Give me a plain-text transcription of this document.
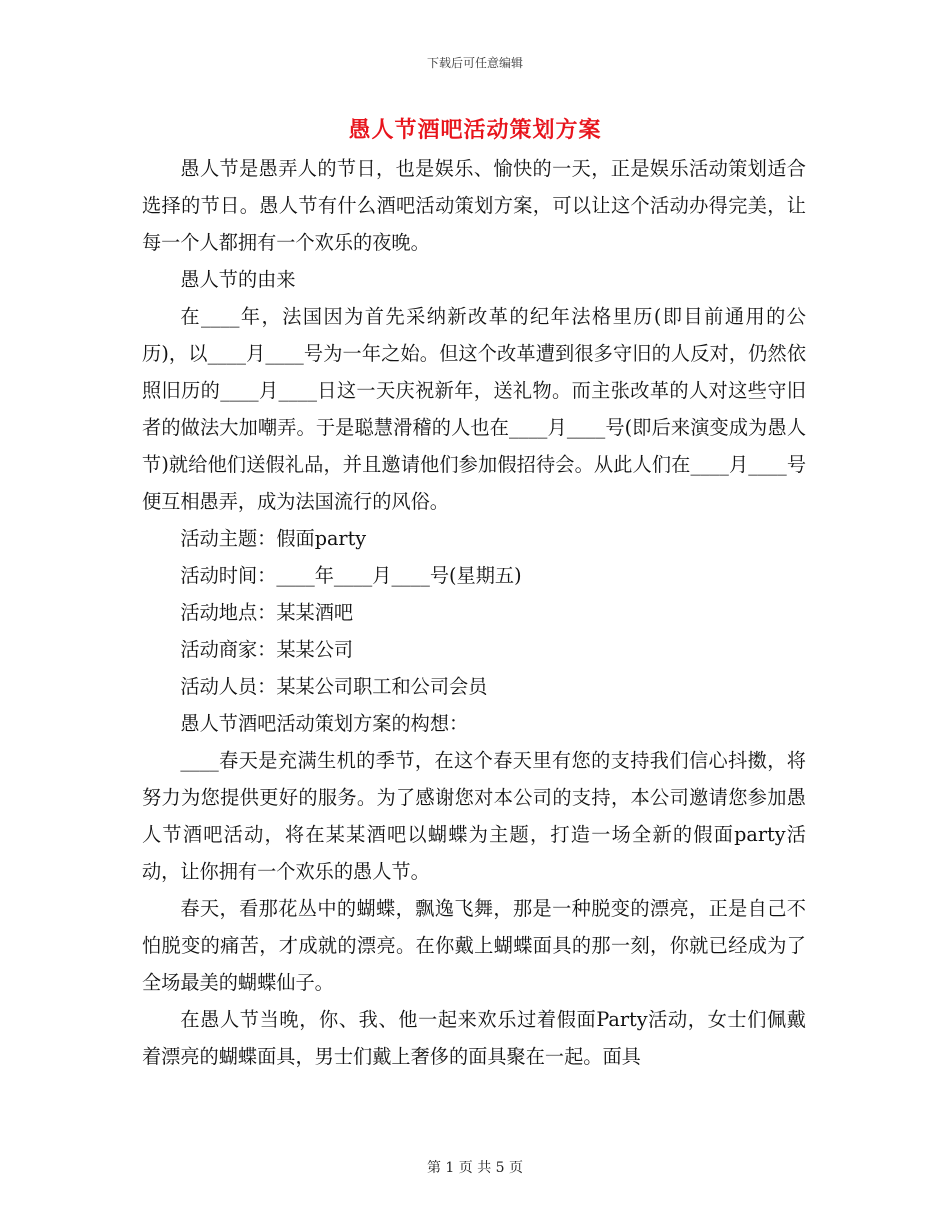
下载后可任意编辑
愚人节酒吧活动策划方案

愚人节是愚弄人的节日，也是娱乐、愉快的一天，正是娱乐活动策划适合选择的节日。愚人节有什么酒吧活动策划方案，可以让这个活动办得完美，让每一个人都拥有一个欢乐的夜晚。

愚人节的由来

在____年，法国因为首先采纳新改革的纪年法格里历(即目前通用的公历)，以____月____号为一年之始。但这个改革遭到很多守旧的人反对，仍然依照旧历的____月____日这一天庆祝新年，送礼物。而主张改革的人对这些守旧者的做法大加嘲弄。于是聪慧滑稽的人也在____月____号(即后来演变成为愚人节)就给他们送假礼品，并且邀请他们参加假招待会。从此人们在____月____号便互相愚弄，成为法国流行的风俗。

活动主题：假面party

活动时间：____年____月____号(星期五)

活动地点：某某酒吧

活动商家：某某公司

活动人员：某某公司职工和公司会员

愚人节酒吧活动策划方案的构想：

____春天是充满生机的季节，在这个春天里有您的支持我们信心抖擞，将努力为您提供更好的服务。为了感谢您对本公司的支持，本公司邀请您参加愚人节酒吧活动，将在某某酒吧以蝴蝶为主题，打造一场全新的假面party活动，让你拥有一个欢乐的愚人节。

春天，看那花丛中的蝴蝶，飘逸飞舞，那是一种脱变的漂亮，正是自己不怕脱变的痛苦，才成就的漂亮。在你戴上蝴蝶面具的那一刻，你就已经成为了全场最美的蝴蝶仙子。

在愚人节当晚，你、我、他一起来欢乐过着假面Party活动，女士们佩戴着漂亮的蝴蝶面具，男士们戴上奢侈的面具聚在一起。面具

第 1 页 共 5 页
